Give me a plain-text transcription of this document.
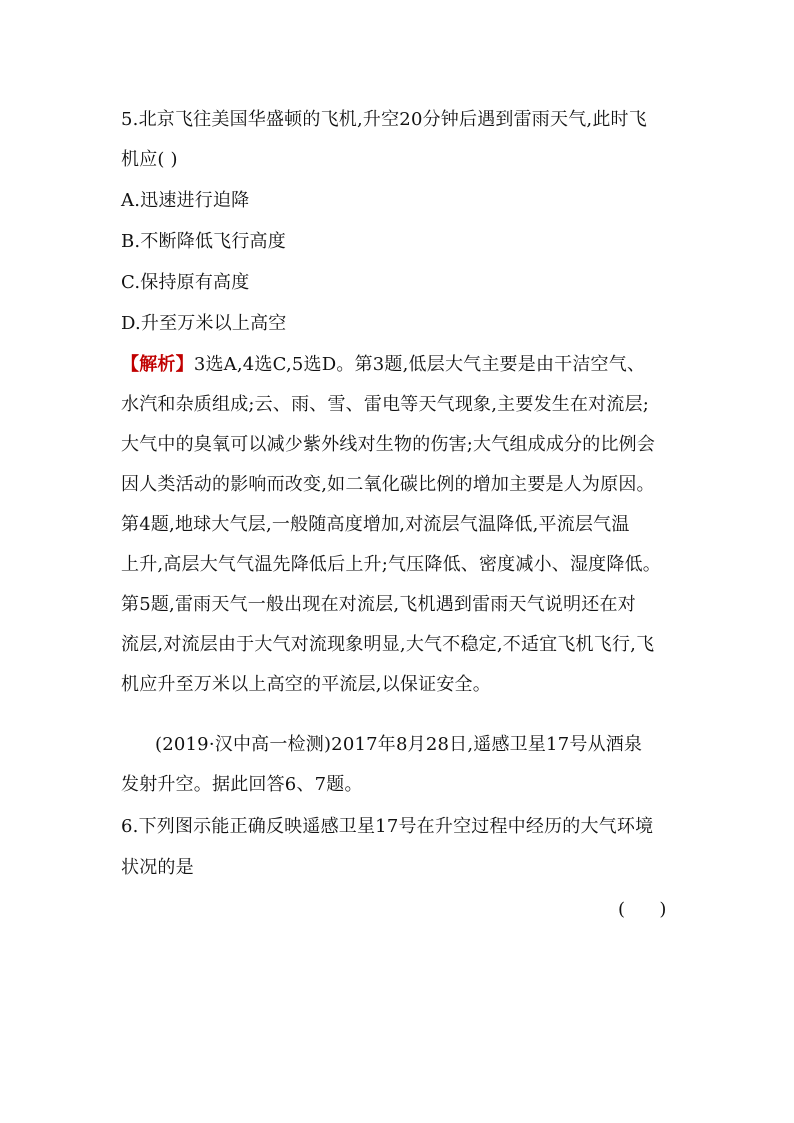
5.北京飞往美国华盛顿的飞机,升空20分钟后遇到雷雨天气,此时飞
机应( )
A.迅速进行迫降
B.不断降低飞行高度
C.保持原有高度
D.升至万米以上高空
【解析】3选A,4选C,5选D。第3题,低层大气主要是由干洁空气、
水汽和杂质组成;云、雨、雪、雷电等天气现象,主要发生在对流层;
大气中的臭氧可以减少紫外线对生物的伤害;大气组成成分的比例会
因人类活动的影响而改变,如二氧化碳比例的增加主要是人为原因。
第4题,地球大气层,一般随高度增加,对流层气温降低,平流层气温
上升,高层大气气温先降低后上升;气压降低、密度减小、湿度降低。
第5题,雷雨天气一般出现在对流层,飞机遇到雷雨天气说明还在对
流层,对流层由于大气对流现象明显,大气不稳定,不适宜飞机飞行,飞
机应升至万米以上高空的平流层,以保证安全。
(2019·汉中高一检测)2017年8月28日,遥感卫星17号从酒泉
发射升空。据此回答6、7题。
6.下列图示能正确反映遥感卫星17号在升空过程中经历的大气环境
状况的是
(      )
